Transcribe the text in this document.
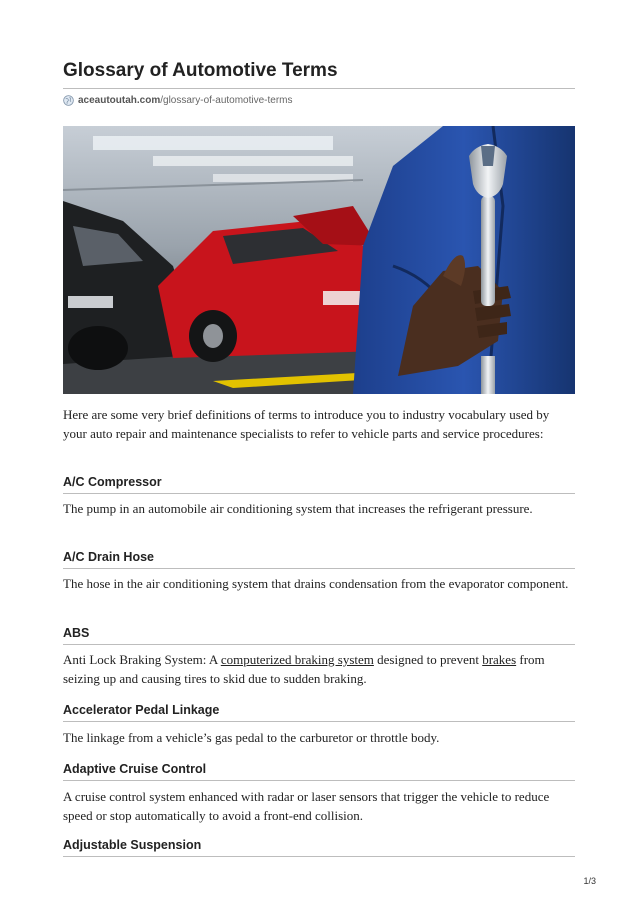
Glossary of Automotive Terms
aceautoutah.com /glossary-of-automotive-terms
Here are some very brief definitions of terms to introduce you to industry vocabulary used by your auto repair and maintenance specialists to refer to vehicle parts and service procedures:
A/C Compressor
The pump in an automobile air conditioning system that increases the refrigerant pressure.
A/C Drain Hose
The hose in the air conditioning system that drains condensation from the evaporator component.
ABS
Anti Lock Braking System: A computerized braking system designed to prevent brakes from seizing up and causing tires to skid due to sudden braking.
Accelerator Pedal Linkage
The linkage from a vehicle’s gas pedal to the carburetor or throttle body.
Adaptive Cruise Control
A cruise control system enhanced with radar or laser sensors that trigger the vehicle to reduce speed or stop automatically to avoid a front-end collision.
Adjustable Suspension
1/3
